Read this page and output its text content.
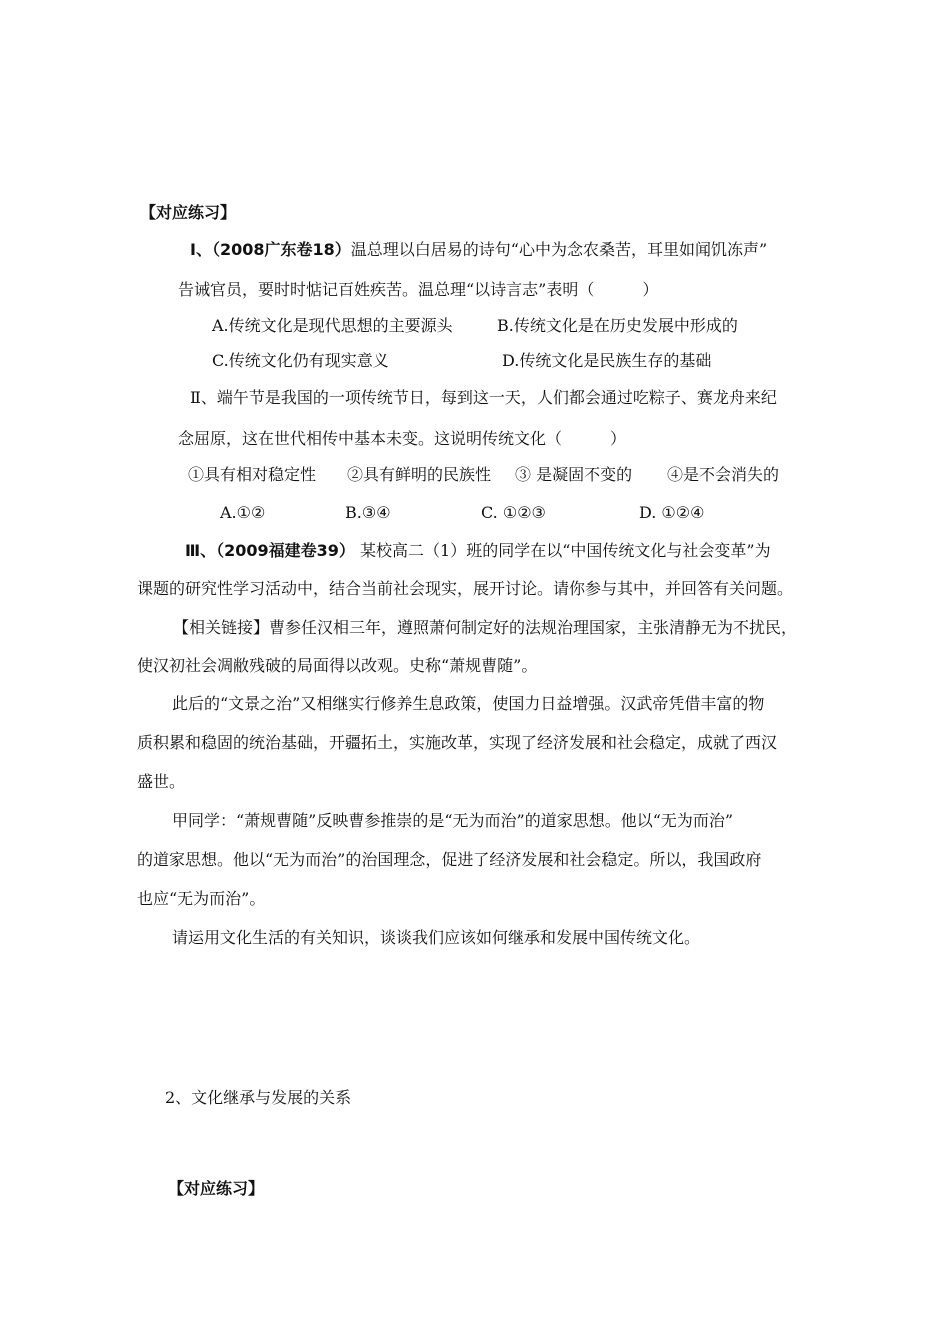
【对应练习】
Ⅰ、（2008广东卷18）温总理以白居易的诗句“心中为念农桑苦，耳里如闻饥冻声”
告诫官员，要时时惦记百姓疾苦。温总理“以诗言志”表明（　　　）
A.传统文化是现代思想的主要源头	B.传统文化是在历史发展中形成的
C.传统文化仍有现实意义	D.传统文化是民族生存的基础
Ⅱ、端午节是我国的一项传统节日，每到这一天，人们都会通过吃粽子、赛龙舟来纪
念屈原，这在世代相传中基本未变。这说明传统文化（　　　）
①具有相对稳定性 ②具有鲜明的民族性 ③ 是凝固不变的 ④是不会消失的
A.①②	B.③④	C. ①②③	D. ①②④
Ⅲ、（2009福建卷39） 某校高二（1）班的同学在以“中国传统文化与社会变革”为
课题的研究性学习活动中，结合当前社会现实，展开讨论。请你参与其中，并回答有关问题。
【相关链接】曹参任汉相三年，遵照萧何制定好的法规治理国家，主张清静无为不扰民，
使汉初社会凋敝残破的局面得以改观。史称“萧规曹随”。
此后的“文景之治”又相继实行修养生息政策，使国力日益增强。汉武帝凭借丰富的物
质积累和稳固的统治基础，开疆拓土，实施改革，实现了经济发展和社会稳定，成就了西汉
盛世。
甲同学：“萧规曹随”反映曹参推崇的是“无为而治”的道家思想。他以“无为而治”
的道家思想。他以“无为而治”的治国理念，促进了经济发展和社会稳定。所以，我国政府
也应“无为而治”。
请运用文化生活的有关知识，谈谈我们应该如何继承和发展中国传统文化。
2、文化继承与发展的关系
【对应练习】
